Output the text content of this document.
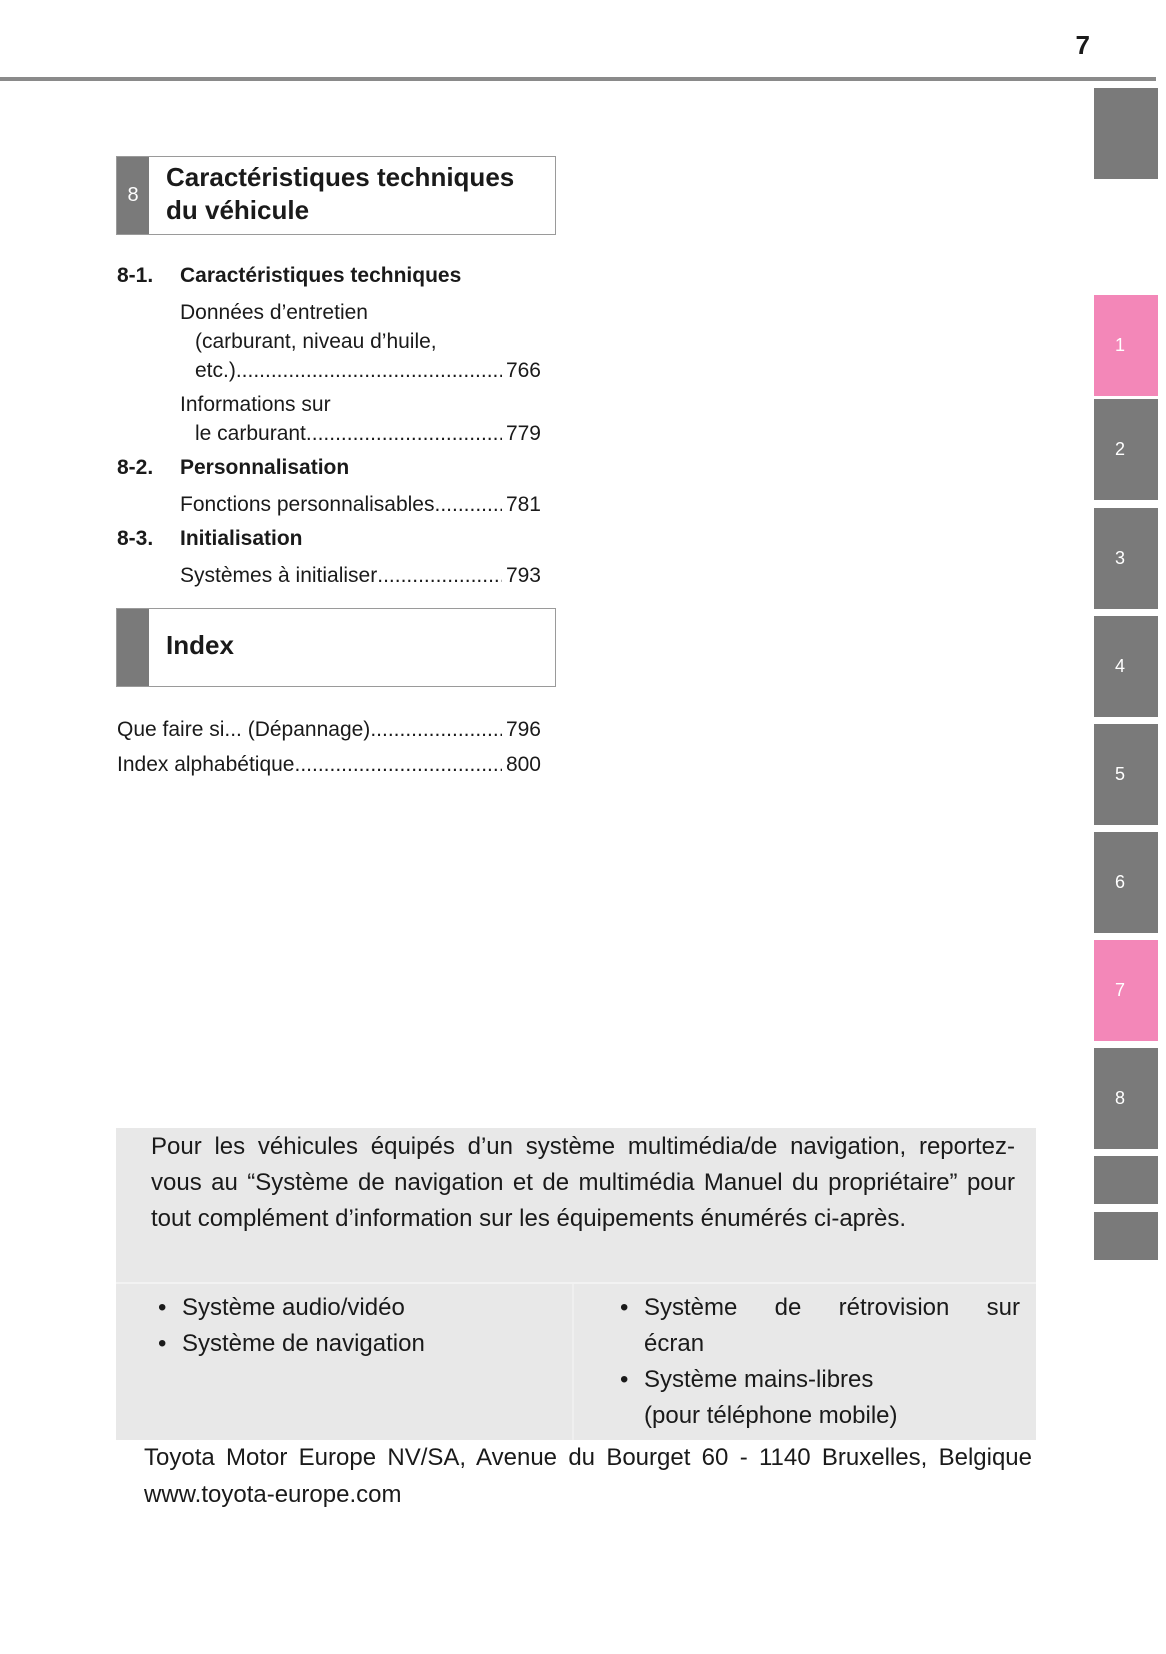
7
1
2
3
4
5
6
7
8
8
Caractéristiques techniques
du véhicule
8-1. Caractéristiques techniques
Données d’entretien
(carburant, niveau d’huile,
etc.) .....	766
Informations sur
le carburant .....	779
8-2. Personnalisation
Fonctions personnalisables .....	781
8-3. Initialisation
Systèmes à initialiser .....	793
Index
Que faire si... (Dépannage) .....	796
Index alphabétique .....	800
Pour les véhicules équipés d’un système multimédia/de navigation, reportez-vous au “Système de navigation et de multimédia Manuel du propriétaire” pour tout complément d’information sur les équipements énumérés ci-après.
• Système audio/vidéo
• Système de navigation
• Système de rétrovision sur
écran
• Système mains-libres
(pour téléphone mobile)
Toyota Motor Europe NV/SA, Avenue du Bourget 60 - 1140 Bruxelles, Belgique www.toyota-europe.com
